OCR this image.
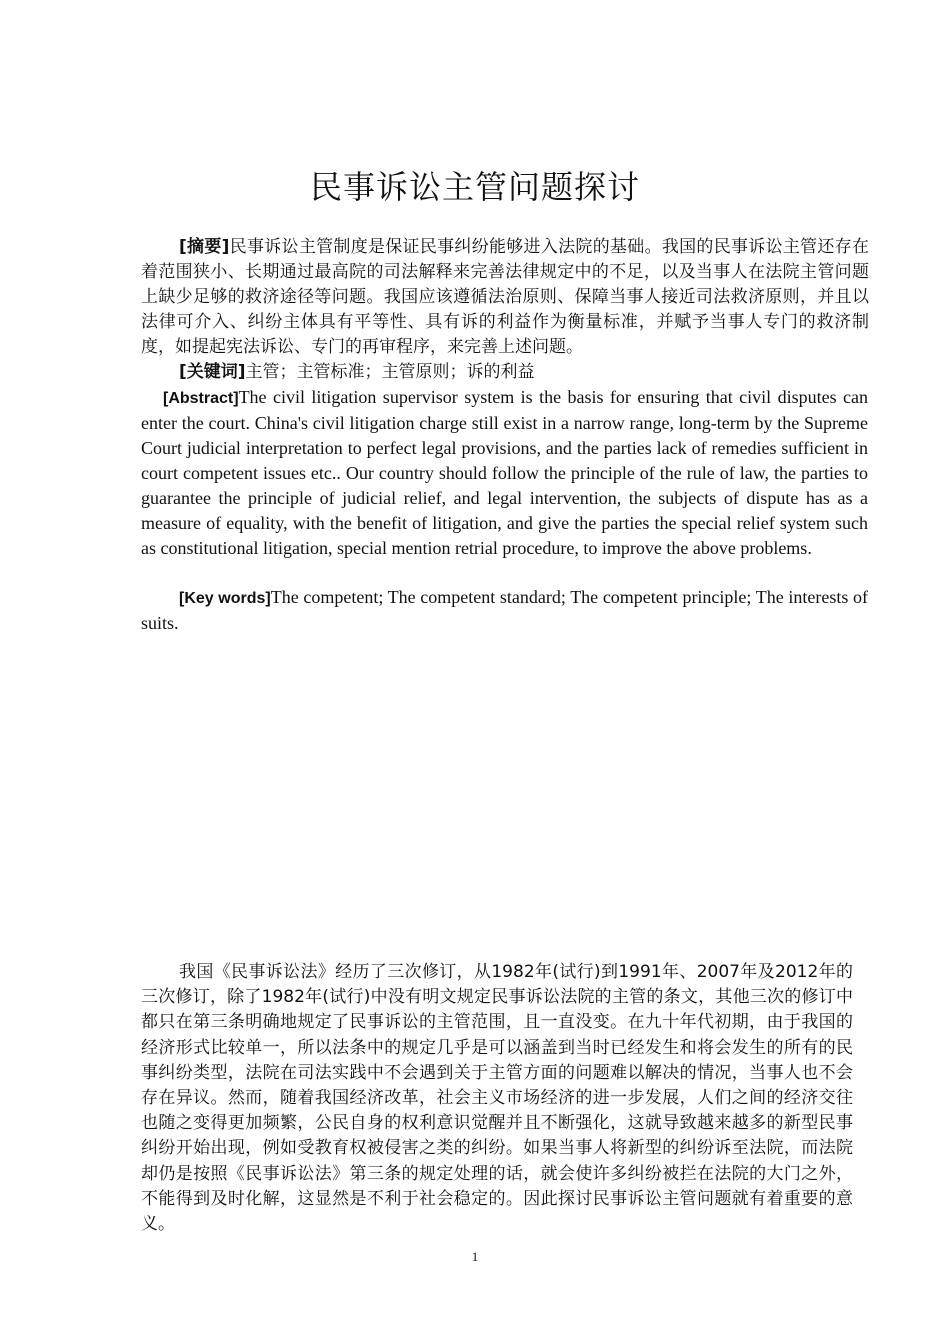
民事诉讼主管问题探讨

[摘要]民事诉讼主管制度是保证民事纠纷能够进入法院的基础。我国的民事诉讼主管还存在着范围狭小、长期通过最高院的司法解释来完善法律规定中的不足，以及当事人在法院主管问题上缺少足够的救济途径等问题。我国应该遵循法治原则、保障当事人接近司法救济原则，并且以法律可介入、纠纷主体具有平等性、具有诉的利益作为衡量标准，并赋予当事人专门的救济制度，如提起宪法诉讼、专门的再审程序，来完善上述问题。

[关键词]主管；主管标准；主管原则；诉的利益
[Abstract]The civil litigation supervisor system is the basis for ensuring that civil disputes can enter the court. China's civil litigation charge still exist in a narrow range, long-term by the Supreme Court judicial interpretation to perfect legal provisions, and the parties lack of remedies sufficient in court competent issues etc.. Our country should follow the principle of the rule of law, the parties to guarantee the principle of judicial relief, and legal intervention, the subjects of dispute has as a measure of equality, with the benefit of litigation, and give the parties the special relief system such as constitutional litigation, special mention retrial procedure, to improve the above problems.
[Key words]The competent; The competent standard; The competent principle; The interests of suits.

我国《民事诉讼法》经历了三次修订，从1982年(试行)到1991年、2007年及2012年的三次修订，除了1982年(试行)中没有明文规定民事诉讼法院的主管的条文，其他三次的修订中都只在第三条明确地规定了民事诉讼的主管范围，且一直没变。在九十年代初期，由于我国的经济形式比较单一，所以法条中的规定几乎是可以涵盖到当时已经发生和将会发生的所有的民事纠纷类型，法院在司法实践中不会遇到关于主管方面的问题难以解决的情况，当事人也不会存在异议。然而，随着我国经济改革，社会主义市场经济的进一步发展，人们之间的经济交往也随之变得更加频繁，公民自身的权利意识觉醒并且不断强化，这就导致越来越多的新型民事纠纷开始出现，例如受教育权被侵害之类的纠纷。如果当事人将新型的纠纷诉至法院，而法院却仍是按照《民事诉讼法》第三条的规定处理的话，就会使许多纠纷被拦在法院的大门之外，不能得到及时化解，这显然是不利于社会稳定的。因此探讨民事诉讼主管问题就有着重要的意义。

1
